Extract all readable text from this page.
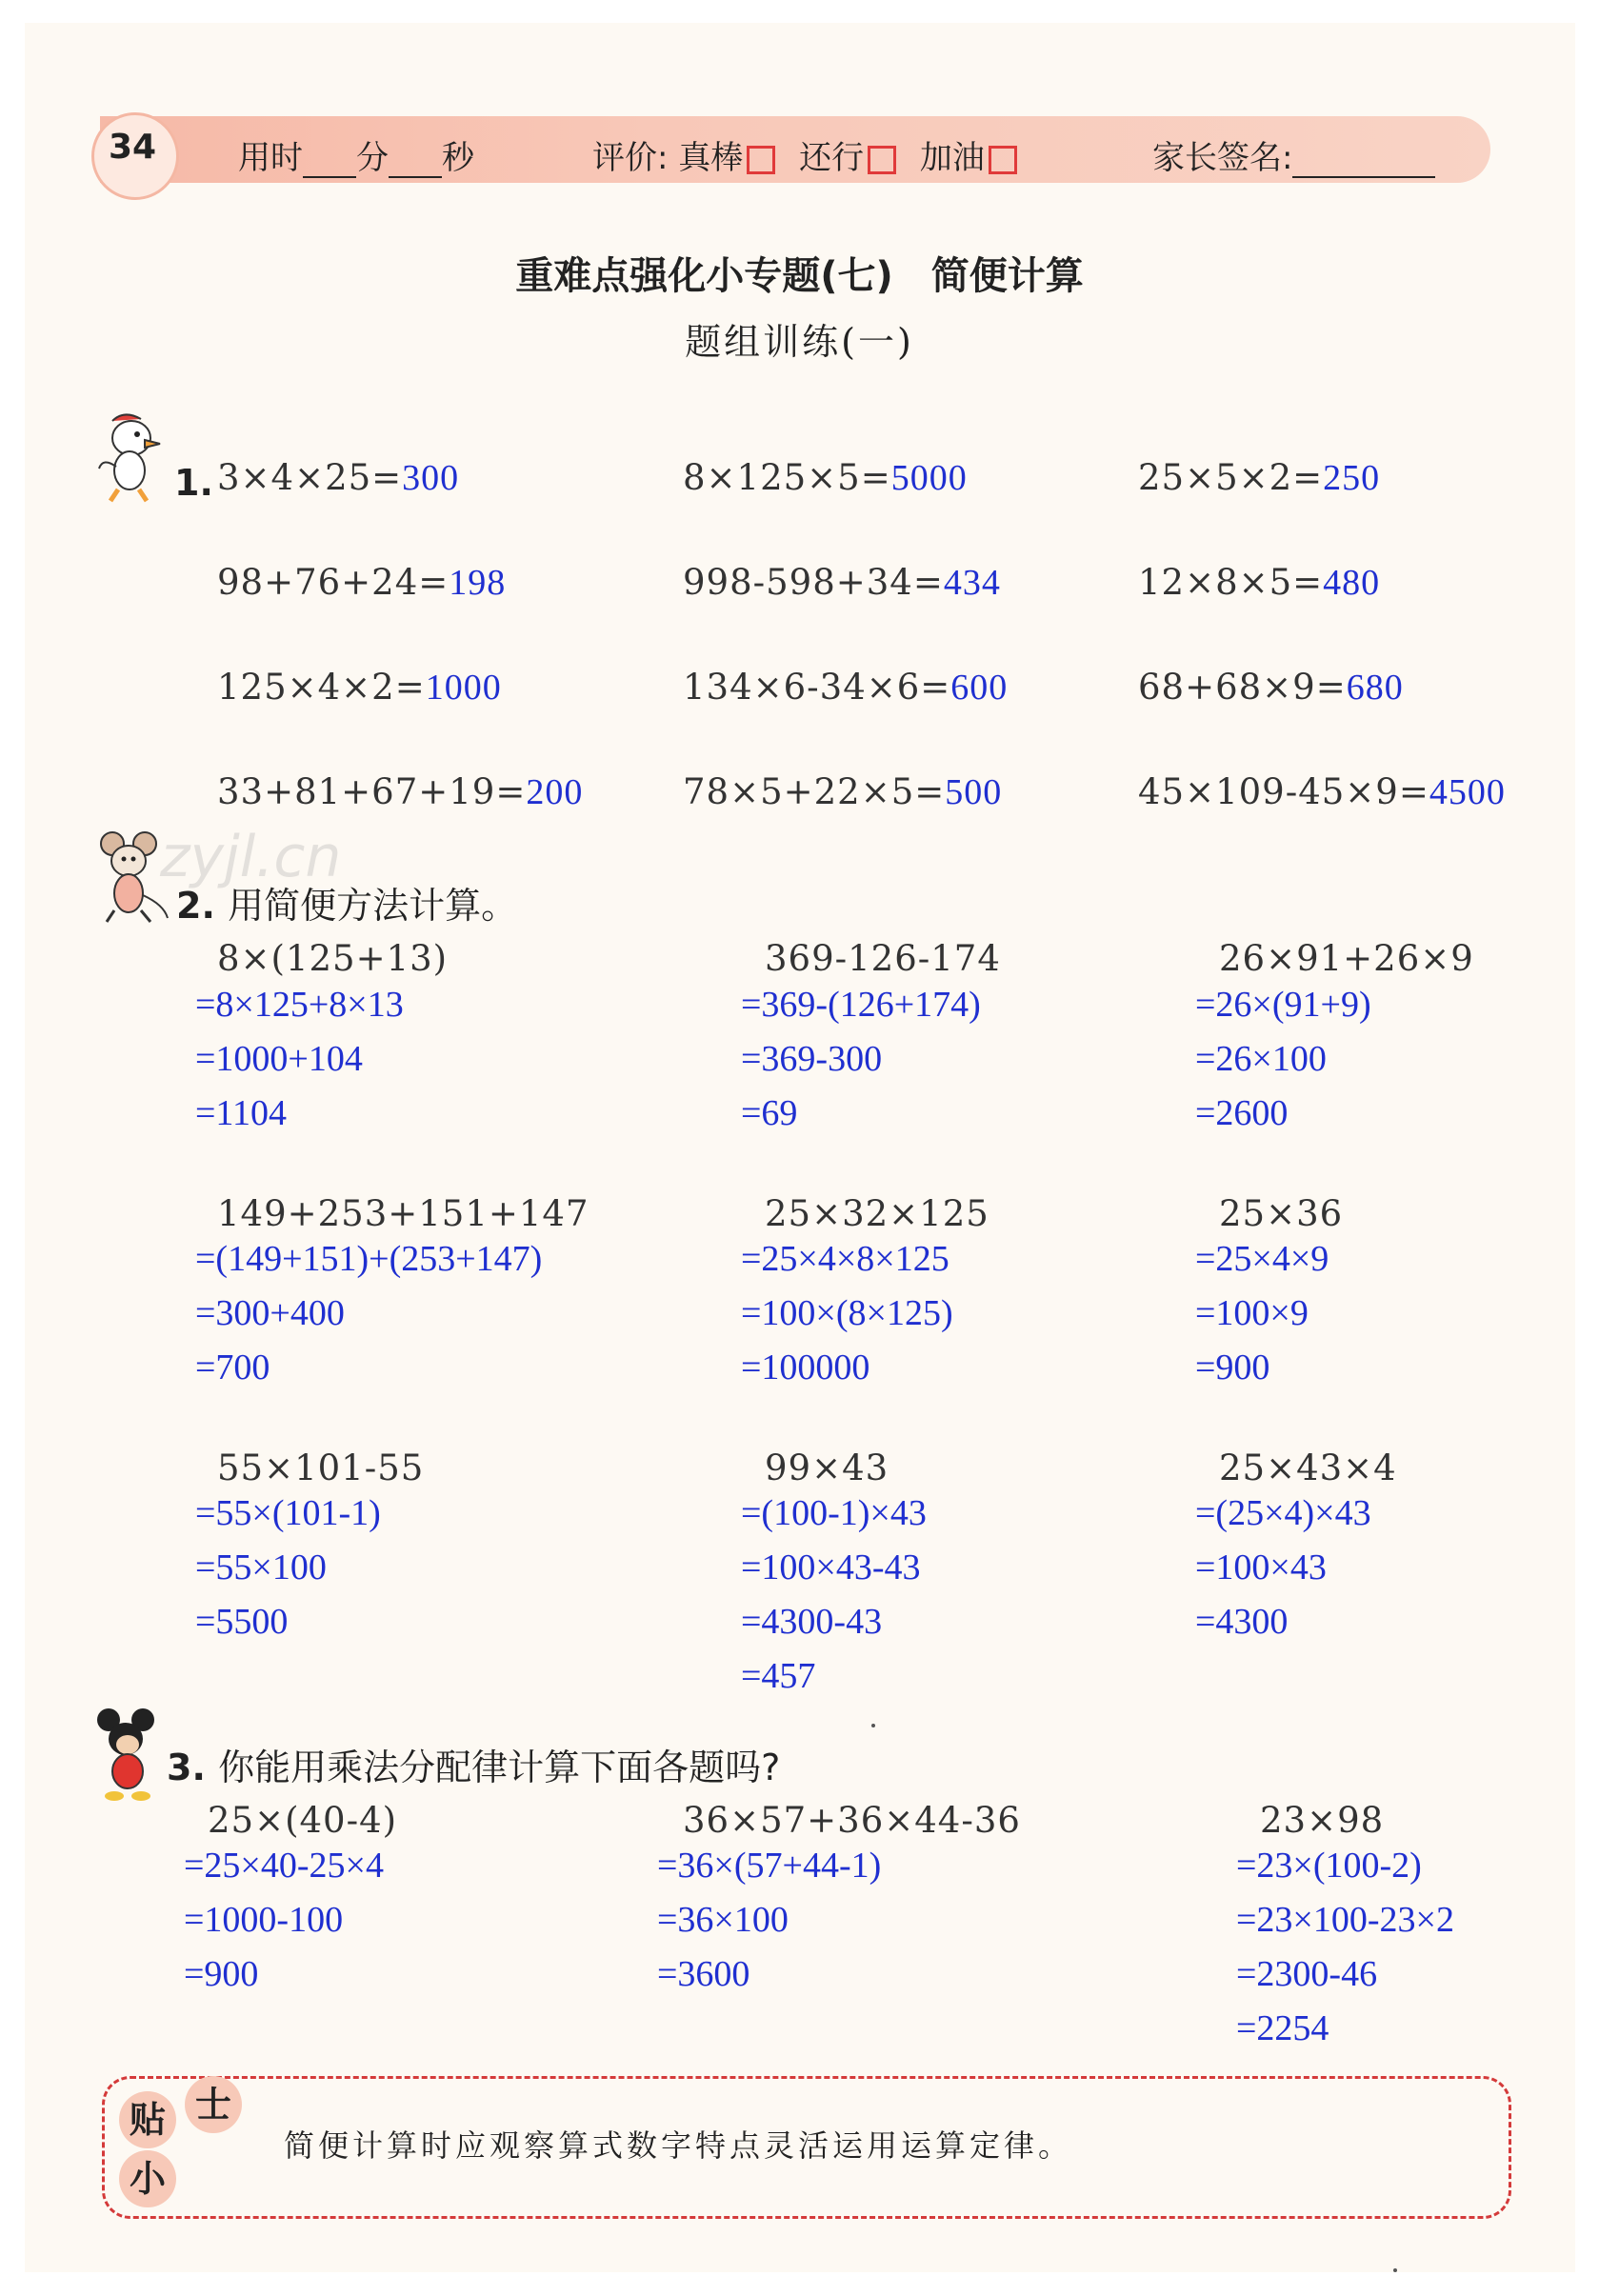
34	用时 分 秒	评价: 真棒 还行 加油	家长签名:
重难点强化小专题(七)　简便计算
题组训练(一)
1. 3×4×25=300	8×125×5=5000	25×5×2=250
98+76+24=198	998-598+34=434	12×8×5=480
125×4×2=1000	134×6-34×6=600	68+68×9=680
33+81+67+19=200	78×5+22×5=500	45×109-45×9=4500
zyjl.cn
2. 用简便方法计算。
8×(125+13)
=8×125+8×13
=1000+104
=1104
369-126-174
=369-(126+174)
=369-300
=69
26×91+26×9
=26×(91+9)
=26×100
=2600
149+253+151+147
=(149+151)+(253+147)
=300+400
=700
25×32×125
=25×4×8×125
=100×(8×125)
=100000
25×36
=25×4×9
=100×9
=900
55×101-55
=55×(101-1)
=55×100
=5500
99×43
=(100-1)×43
=100×43-43
=4300-43
=457
25×43×4
=(25×4)×43
=100×43
=4300
3. 你能用乘法分配律计算下面各题吗?
25×(40-4)
=25×40-25×4
=1000-100
=900
36×57+36×44-36
=36×(57+44-1)
=36×100
=3600
23×98
=23×(100-2)
=23×100-23×2
=2300-46
=2254
贴 士
小
简便计算时应观察算式数字特点灵活运用运算定律。
